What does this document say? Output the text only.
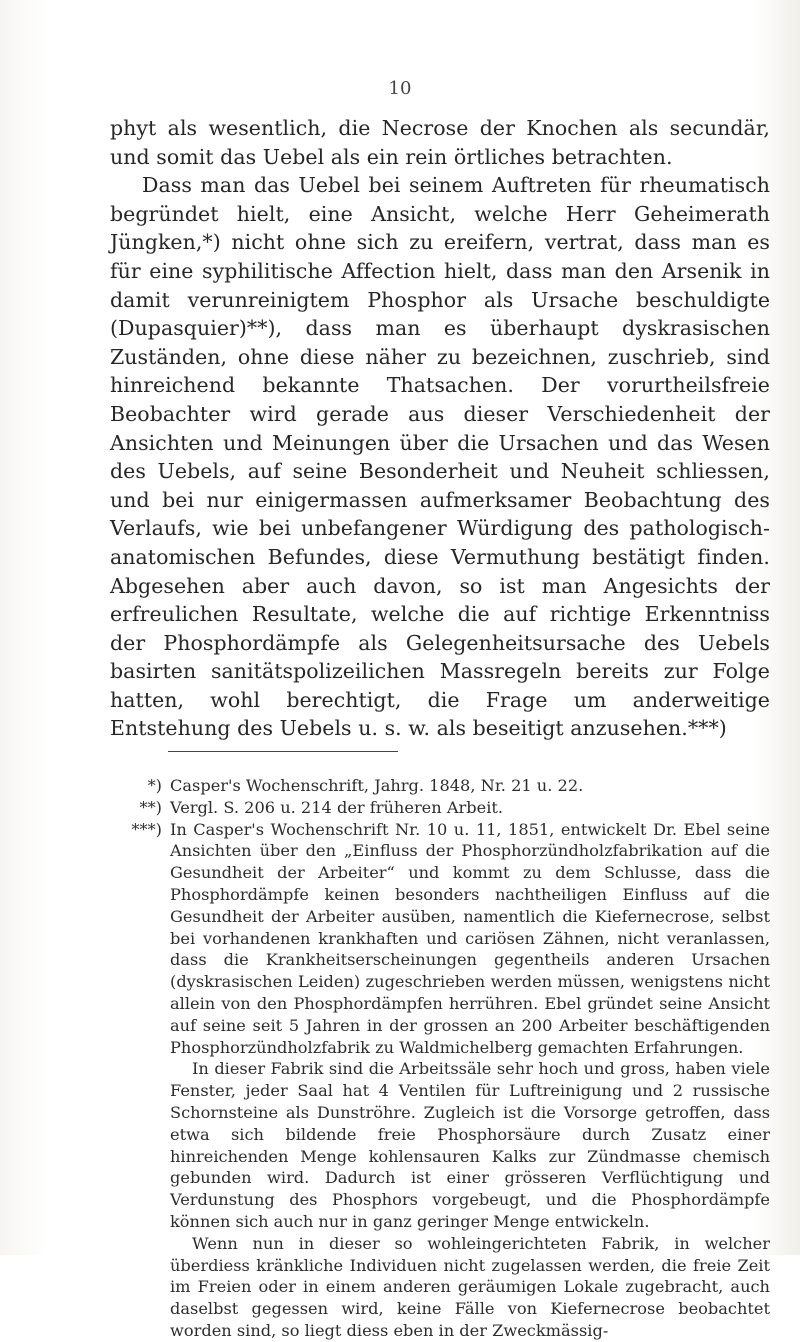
10

phyt als wesentlich, die Necrose der Knochen als secundär, und somit das Uebel als ein rein örtliches betrachten.

Dass man das Uebel bei seinem Auftreten für rheumatisch begründet hielt, eine Ansicht, welche Herr Geheimerath Jüngken,*) nicht ohne sich zu ereifern, vertrat, dass man es für eine syphilitische Affection hielt, dass man den Arsenik in damit verunreinigtem Phosphor als Ursache beschuldigte (Dupasquier)**), dass man es überhaupt dyskrasischen Zuständen, ohne diese näher zu bezeichnen, zuschrieb, sind hinreichend bekannte Thatsachen. Der vorurtheilsfreie Beobachter wird gerade aus dieser Verschiedenheit der Ansichten und Meinungen über die Ursachen und das Wesen des Uebels, auf seine Besonderheit und Neuheit schliessen, und bei nur einigermassen aufmerksamer Beobachtung des Verlaufs, wie bei unbefangener Würdigung des pathologisch-anatomischen Befundes, diese Vermuthung bestätigt finden. Abgesehen aber auch davon, so ist man Angesichts der erfreulichen Resultate, welche die auf richtige Erkenntniss der Phosphordämpfe als Gelegenheitsursache des Uebels basirten sanitätspolizeilichen Massregeln bereits zur Folge hatten, wohl berechtigt, die Frage um anderweitige Entstehung des Uebels u. s. w. als beseitigt anzusehen.***)

*) Casper's Wochenschrift, Jahrg. 1848, Nr. 21 u. 22.

**) Vergl. S. 206 u. 214 der früheren Arbeit.

***) In Casper's Wochenschrift Nr. 10 u. 11, 1851, entwickelt Dr. Ebel seine Ansichten über den „Einfluss der Phosphorzündholzfabrikation auf die Gesundheit der Arbeiter“ und kommt zu dem Schlusse, dass die Phosphordämpfe keinen besonders nachtheiligen Einfluss auf die Gesundheit der Arbeiter ausüben, namentlich die Kiefernecrose, selbst bei vorhandenen krankhaften und cariösen Zähnen, nicht veranlassen, dass die Krankheitserscheinungen gegentheils anderen Ursachen (dyskrasischen Leiden) zugeschrieben werden müssen, wenigstens nicht allein von den Phosphordämpfen herrühren. Ebel gründet seine Ansicht auf seine seit 5 Jahren in der grossen an 200 Arbeiter beschäftigenden Phosphorzündholzfabrik zu Waldmichelberg gemachten Erfahrungen.

In dieser Fabrik sind die Arbeitssäle sehr hoch und gross, haben viele Fenster, jeder Saal hat 4 Ventilen für Luftreinigung und 2 russische Schornsteine als Dunströhre. Zugleich ist die Vorsorge getroffen, dass etwa sich bildende freie Phosphorsäure durch Zusatz einer hinreichenden Menge kohlensauren Kalks zur Zündmasse chemisch gebunden wird. Dadurch ist einer grösseren Verflüchtigung und Verdunstung des Phosphors vorgebeugt, und die Phosphordämpfe können sich auch nur in ganz geringer Menge entwickeln.

Wenn nun in dieser so wohleingerichteten Fabrik, in welcher überdiess kränkliche Individuen nicht zugelassen werden, die freie Zeit im Freien oder in einem anderen geräumigen Lokale zugebracht, auch daselbst gegessen wird, keine Fälle von Kiefernecrose beobachtet worden sind, so liegt diess eben in der Zweckmässig-
